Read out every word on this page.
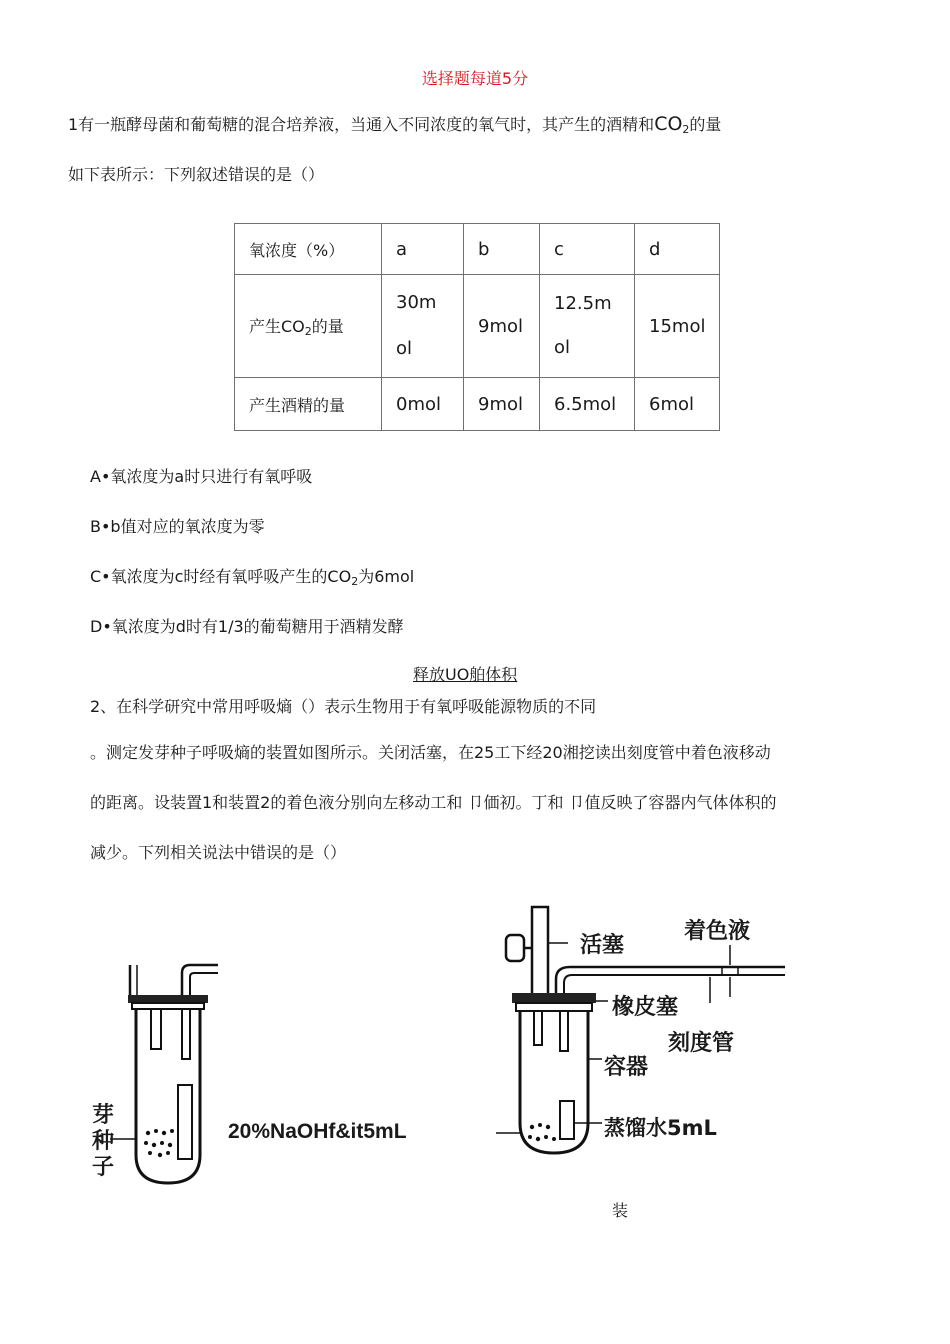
选择题每道5分
1有一瓶酵母菌和葡萄糖的混合培养液，当通入不同浓度的氧气时，其产生的酒精和$CO_2$的量
如下表所示：下列叙述错误的是（）
氧浓度（%）	a	b	c	d
产生$CO_2$的量	30mol	9mol	12.5mol	15mol
产生酒精的量	0mol	9mol	6.5mol	6mol
A•氧浓度为a时只进行有氧呼吸
B•b值对应的氧浓度为零
C•氧浓度为c时经有氧呼吸产生的$CO_2$为6mol
D•氧浓度为d时有1/3的葡萄糖用于酒精发酵
释放UO舶体积
2、在科学研究中常用呼吸熵（）表示生物用于有氧呼吸能源物质的不同
。测定发芽种子呼吸熵的装置如图所示。关闭活塞，在25工下经20湘挖读出刻度管中着色液移动
的距离。设装置1和装置2的着色液分别向左移动工和 卩価初。丁和 卩值反映了容器内气体体积的
减少。下列相关说法中错误的是（）
芽种子
20%NaOHf&it5mL
活塞
着色液
橡皮塞
刻度管
容器
蒸馏水5mL
装
